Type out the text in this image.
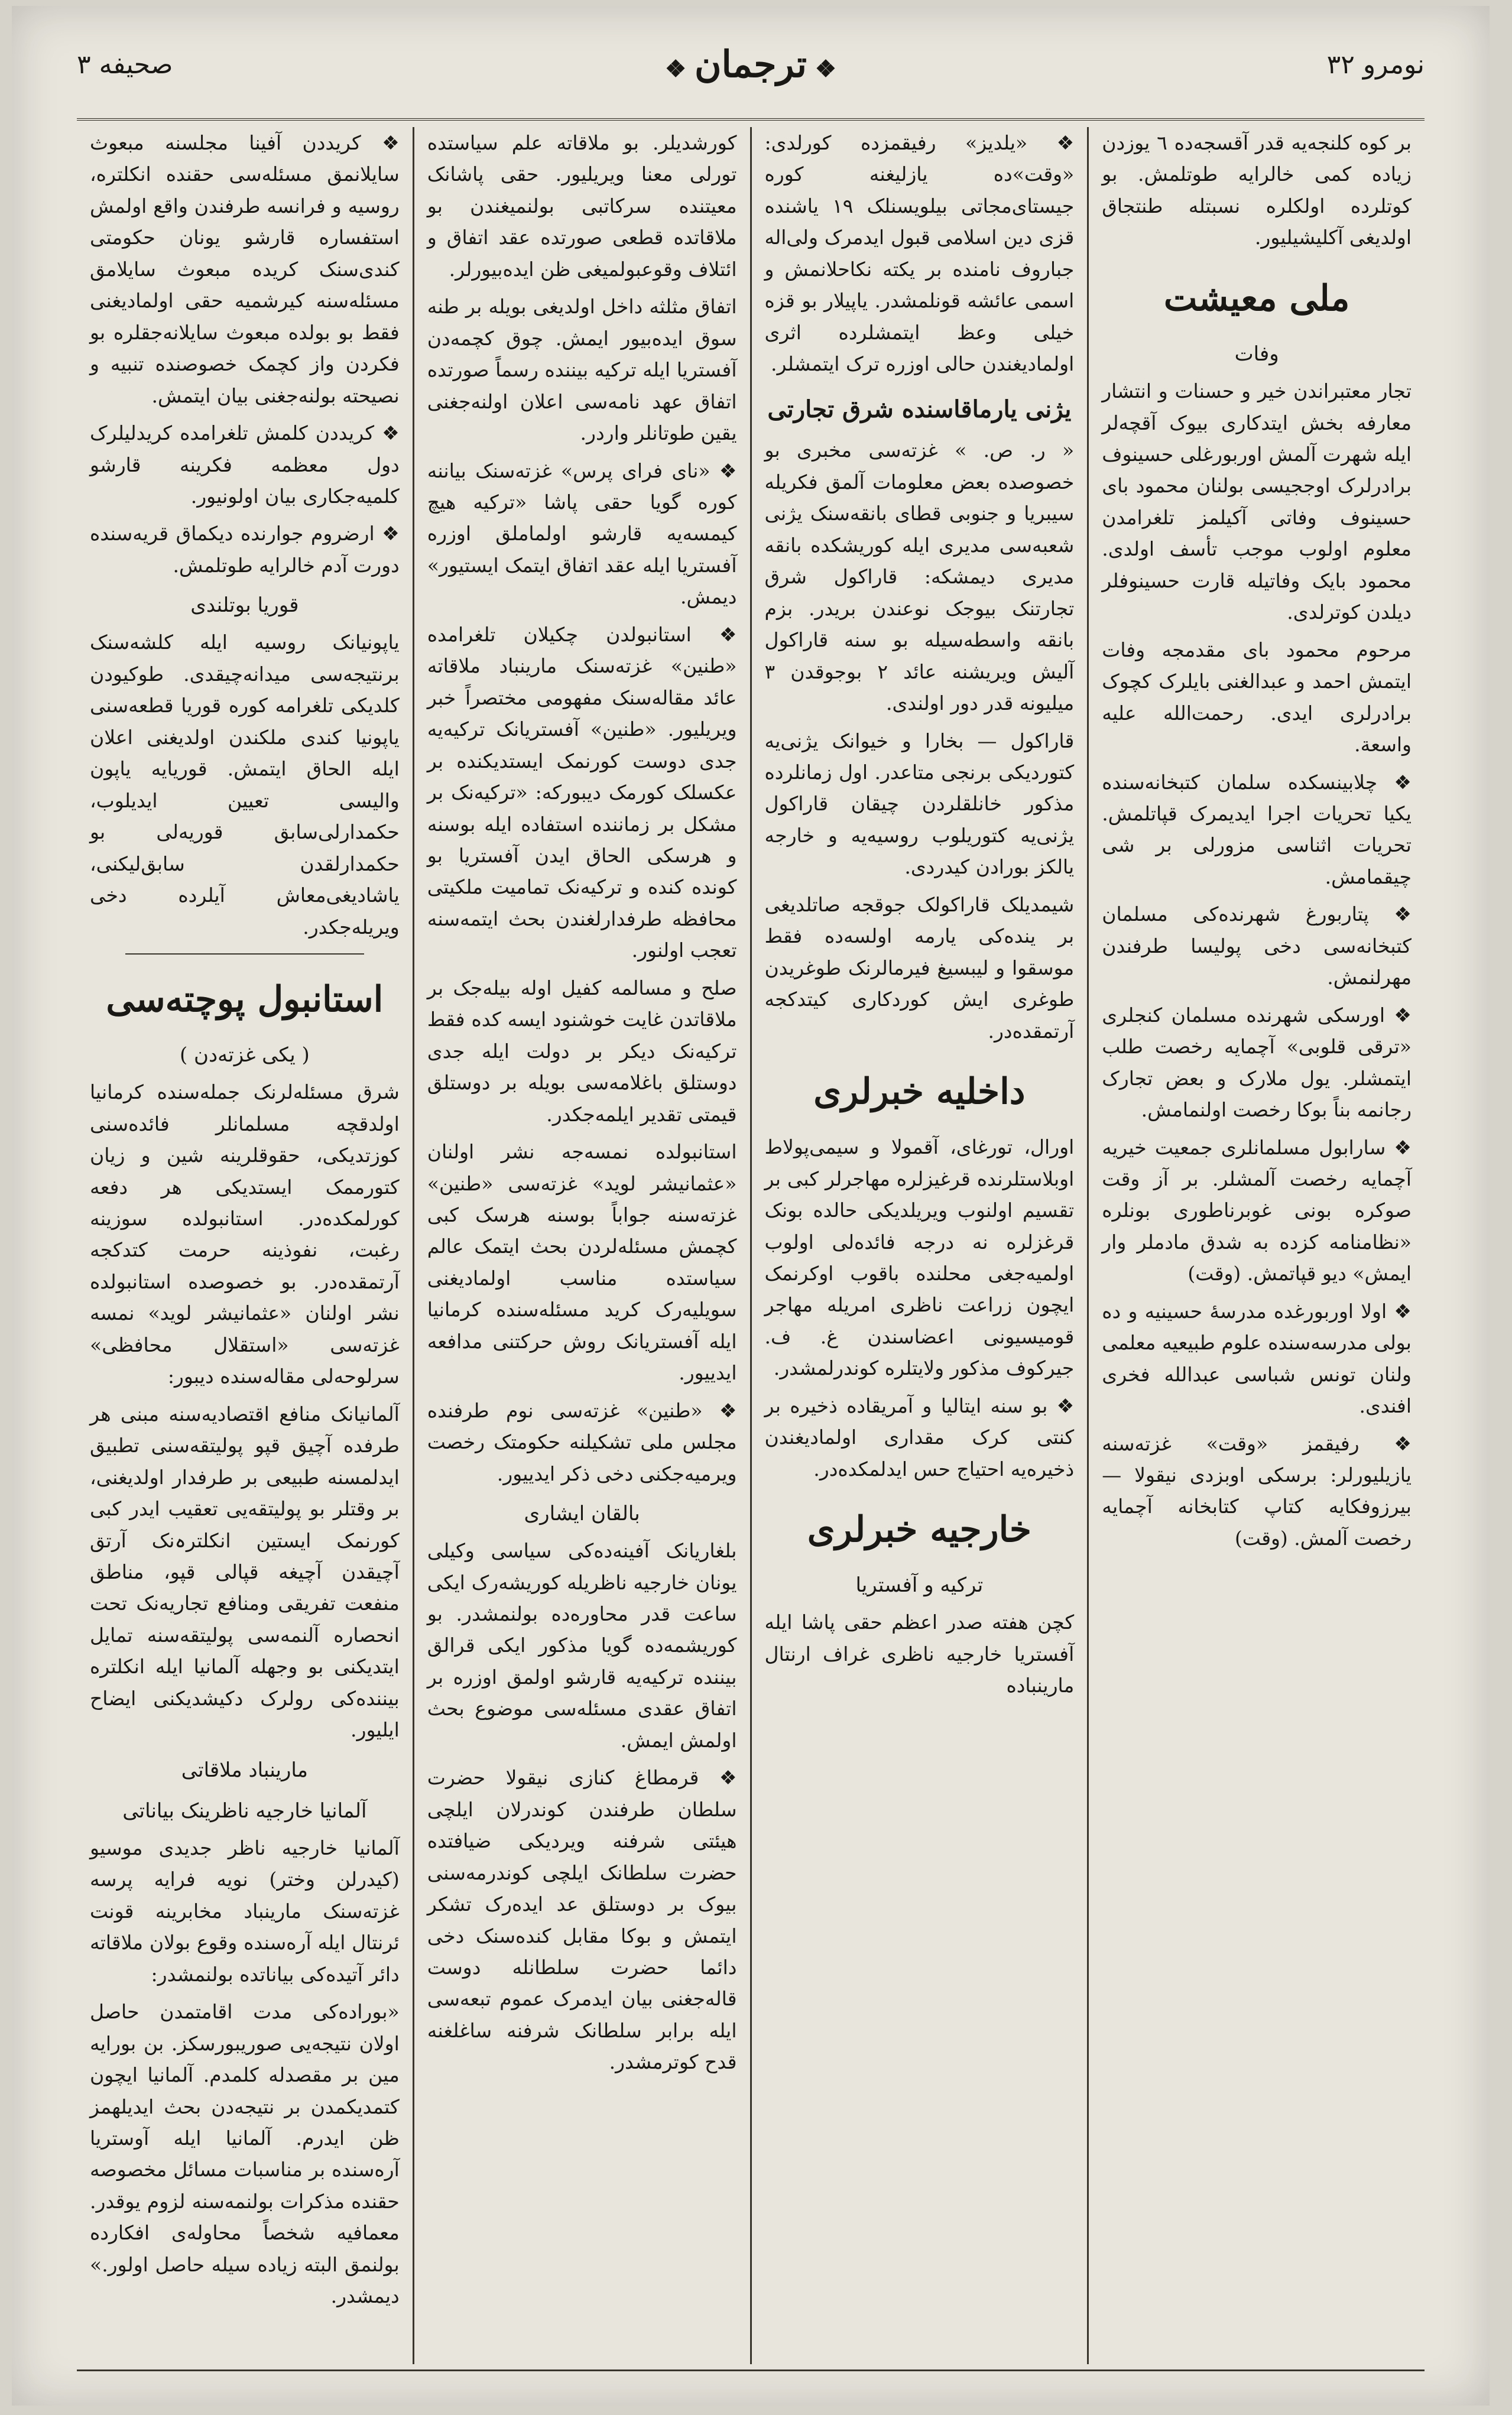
نومرو ٣٢
❖ترجمان❖
صحیفه ٣

بر کوه کلنجه‌یه قدر آقسجه‌ده ٦ یوزدن زیاده کمی خالرایه طوتلمش. بو کوتلرده اولکلره نسبتله طنتجاق اولدیغی آکلیشیلیور.

ملی معیشت
وفات

تجار معتبراندن خیر و حسنات و انتشار معارفه بخش ایتدکاری بیوک آقچه‌لر ایله شهرت آلمش اوربورغلی حسینوف برادرلرک اوججیسی بولنان محمود بای حسینوف وفاتی آکیلمز تلغرامدن معلوم اولوب موجب تأسف اولدی. محمود بایک وفاتیله قارت حسینوفلر دیلدن کوترلدی.

مرحوم محمود بای مقدمجه وفات ایتمش احمد و عبدالغنی بایلرک کچوک برادرلری ایدی. رحمت‌الله علیه واسعة.

❖ چلابینسکده سلمان کتبخانه‌سنده یکیا تحریات اجرا ایدیمرک قپاتلمش. تحریات اثناسی مزورلی بر شی چیقمامش.

❖ پتاربورغ شهرنده‌کی مسلمان کتبخانه‌سی دخی پولیسا طرفندن مهرلنمش.

❖ اورسکی شهرنده مسلمان کنجلری «ترقی قلوبی» آچمایه رخصت طلب ایتمشلر. یول ملارک و بعض تجارک رجانمه بناً بوکا رخصت اولنمامش.

❖ سارابول مسلمانلری جمعیت خیریه آچمایه رخصت آلمشلر. بر آز وقت صوکره بونی غوبرناطوری بونلره «نظامنامه کزده به شدق مادملر وار ایمش» دیو قپاتمش. (وقت)

❖ اولا اوربورغده مدرسهٔ حسینیه و ده بولی مدرسه‌سنده علوم طبیعیه معلمی ولنان تونس شباسی عبدالله فخری افندی.

❖ رفیقمز «وقت» غزته‌سنه یازیلیورلر: برسکی اوبزدی نیقولا — بیرزوفکایه کتاپ کتابخانه آچمایه رخصت آلمش. (وقت)

❖ «یلدیز» رفیقمزده کورلدی: «وقت»ده یازلیغنه کوره جیستای‌مجاتی بیلویسنلک ١٩ یاشنده قزی دین اسلامی قبول ایدمرک ولی‌اله جباروف نامنده بر یکته نکاحلانمش و اسمی عائشه قونلمشدر. یاپیلار بو قزه خیلی وعظ ایتمشلرده اثری اولما‌دیغندن حالی اوزره ترک ایتمشلر.

یژنی یارماقاسنده شرق تجارتی

« ر. ص. » غزته‌سی مخبری بو خصو‌صده بعض معلومات آلمق فکریله سیبریا و جنوبی قطای بانقه‌سنک یژنی شعبه‌سی مدیری ایله کوریشکده بانقه مدیری دیمشکه: قاراکول شرق تجارتنک بیوجک نوعندن بریدر. بزم بانقه واسطه‌سیله بو سنه قاراکول آلیش ویریشنه عائد ٢ بوجوقدن ٣ میلیونه قدر دور اولندی.

قاراکول — بخارا و خیوانک یژنی‌یه کتوردیکی برنجی متاعدر. اول زمانلرده مذکور خانلقلردن چیقان قاراکول یژنی‌یه کتوریلوب روسیه‌یه و خارجه یالکز بورادن کیدردی.

شیمدیلک قاراکولک جوقجه صاتلدیغی بر ینده‌کی یارمه اولسه‌ده فقط موسقوا و لیبسیغ فیرمالرنک طوغریدن طوغری ایش کوردکاری کیتدکجه آرتمقده‌در.

داخلیه خبرلری

اورال، تورغای، آقمولا و سیمی‌پولاط اوبلاستلرنده قرغیزلره مهاجرلر کبی بر تقسیم اولنوب ویریلدیکی حالده بونک قرغزلره نه درجه فائده‌لی اولوب اولمیه‌جغی محلنده باقوب اوکرنمک ایچون زراعت ناظری امریله مهاجر قومیسیونی اعضاسندن غ. ف. جیرکوف مذکور ولایتلره کوندرلمشدر.

❖ بو سنه ایتالیا و آمریقاده ذخیره بر کنتی کرک مقداری اولمادیغندن ذخیره‌یه احتیاج حس ایدلمکده‌در.

خارجیه خبرلری
ترکیه و آفستریا

کچن هفته صدر اعظم حقی پاشا ایله آفستریا خارجیه ناظری غراف ارنتال مارینباده

کورشدیلر. بو ملاقاته علم سیاستده تورلی معنا ویریلیور. حقی پاشانک معیتنده سرکاتبی بولنمیغندن بو ملاقاتده قطعی صورتده عقد اتفاق و ائتلاف وقوعبولمیغی ظن ایده‌بیورلر.

اتفاق مثلثه داخل اولدیغی بویله بر طنه سوق ایده‌بیور ایمش. چوق کچمه‌دن آفستریا ایله ترکیه بیننده رسماً صورتده اتفاق عهد نامه‌سی اعلان اولنه‌جغنی یقین طوتانلر واردر.

❖ «نای فرای پرس» غزته‌سنک بیاننه کوره گویا حقی پاشا «ترکیه هیچ کیمسه‌یه قارشو اولماملق اوزره آفستریا ایله عقد اتفاق ایتمک ایستیور» دیمش.

❖ استانبولدن چکیلان تلغرامده «طنین» غزته‌سنک مارینباد ملاقاته عائد مقاله‌سنک مفهومی مختصراً خبر ویریلیور. «طنین» آفستریانک ترکیه‌یه جدی دوست کورنمک ایستدیکنده بر عکسلک کورمک دیبورکه: «ترکیه‌نک بر مشکل بر زماننده استفاده ایله بوسنه و هرسکی الحاق ایدن آفستریا بو کونده کنده و ترکیه‌نک تمامیت ملکیتی محافظه طرفدارلغندن بحث ایتمه‌سنه تعجب اولنور.

صلح و مسالمه کفیل اوله بیله‌جک بر ملاقاتدن غایت خوشنود ایسه کده فقط ترکیه‌نک دیکر بر دولت ایله جدی دوستلق باغلامه‌سی بویله بر دوستلق قیمتی تقدیر ایلمه‌جکدر.

استانبولده نمسه‌جه نشر اولنان «عثمانیشر لوید» غزته‌سی «طنین» غزته‌سنه جواباً بوسنه هرسک کبی کچمش مسئله‌لردن بحث ایتمک عالم سیاستده مناسب اولمادیغنی سویلیه‌رک کرید مسئله‌سنده کرمانیا ایله آفستریانک روش حرکتنی مدافعه ایدییور.

❖ «طنین» غزته‌سی نوم طرفنده مجلس ملی تشکیلنه حکومتک رخصت ویرمیه‌جکنی دخی ذکر ایدییور.

بالقان ایشاری

بلغاریانک آفینه‌ده‌کی سیاسی وکیلی یونان خارجیه ناظریله کوریشه‌رک ایکی ساعت قدر محاوره‌ده بولنمشدر. بو کوریشمه‌ده گویا مذکور ایکی قرالق بیننده ترکیه‌یه قارشو اولمق اوزره بر اتفاق عقدی مسئله‌سی موضوع بحث اولمش ایمش.

❖ قرمطاغ کنازی نیقولا حضرت سلطان طرفندن کوندرلان ایلچی هیئتی شرفنه ویردیکی ضیافتده حضرت سلطانک ایلچی کوندرمه‌سنی بیوک بر دوستلق عد ایده‌رک تشکر ایتمش و بوکا مقابل کنده‌سنک دخی دائما حضرت سلطانله دوست قاله‌جغنی بیان ایدمرک عموم تبعه‌سی ایله برابر سلطانک شرفنه ساغلغنه قدح کوترمشدر.

❖ کریددن آفینا مجلسنه مبعوث سایلانمق مسئله‌سی حقنده انکلتره، روسیه و فرانسه طرفندن واقع اولمش استفساره قارشو یونان حکومتی کندی‌سنک کریده مبعوث سایلامق مسئله‌سنه کیرشمیه حقی اولمادیغنی فقط بو بولده مبعوث سایلانه‌جقلره بو فکردن واز کچمک خصوصنده تنبیه و نصیحته بولنه‌جغنی بیان ایتمش.

❖ کریددن کلمش تلغرامده کریدلیلرک دول معظمه فکرینه قارشو کلمیه‌جکاری بیان اولونیور.

❖ ارضروم جوارنده دیکماق قریه‌سنده دورت آدم خالرایه طوتلمش.

قوریا بوتلندی

یاپونیانک روسیه ایله کلشه‌سنک برنتیجه‌سی میدانه‌چیقدی. طوکیودن کلدیکی تلغرامه کوره قوریا قطعه‌سنی یاپونیا کندی ملکندن اولدیغنی اعلان ایله الحاق ایتمش. قوریایه یاپون والیسی تعیین ایدیلوب، حکمدارلی‌سابق قوریه‌لی بو حکمدارلقدن سابق‌لیکنی، یاشادیغی‌معاش آیلرده دخی ویریله‌جکدر.

استانبول پوچته‌سی
( یکی غزته‌دن )

شرق مسئله‌لرنک جمله‌سنده کرمانیا اولدقچه مسلمانلر فائده‌سنی کوزتدیکی، حقوقلرینه شین و زیان کتورممک ایستدیکی هر دفعه کورلمکده‌در. استانبولده سوزینه رغبت، نفوذینه حرمت کتدکجه آرتمقده‌در. بو خصوصده استانبولده نشر اولنان «عثمانیشر لوید» نمسه غزته‌سی «استقلال محافظی» سرلوحه‌لی مقاله‌سنده دیبور:

آلمانیانک منافع اقتصادیه‌سنه مبنی هر طرفده آچیق قپو پولیتقه‌سنی تطبیق ایدلمسنه طبیعی بر طرفدار اولدیغنی، بر وقتلر بو پولیتقه‌یی تعقیب ایدر کبی کورنمک ایستین انکلترہ‌نک آرتق آچیقدن آچیغه قپالی قپو، مناطق منفعت تفریقی ومنافع تجاریه‌نک تحت انحصاره آلنمه‌سی پولیتقه‌سنه تمایل ایتدیکنی بو وجهله آلمانیا ایله انکلتره بیننده‌کی رولرک دکیشدیکنی ایضاح ایلیور.

مارینباد ملاقاتی
آلمانیا خارجیه ناظرینک بیاناتی

آلمانیا خارجیه ناظر جدیدی موسیو (کیدرلن وختر) نویه فرایه پرسه غزته‌سنک مارینباد مخابرینه قونت ئرنتال ایله آره‌سنده وقوع بولان ملاقاته دائر آتیده‌کی بیاناتده بولنمشدر:

«بوراده‌کی مدت اقامتمدن حاصل اولان نتیجه‌یی صوریبورسکز. بن بورایه مین بر مقصدله کلمدم. آلمانیا ایچون کتمدیکمدن بر نتیجه‌دن بحث ایدیلهمز ظن ایدرم. آلمانیا ایله آوستریا آره‌سنده بر مناسبات مسائل مخصوصه حقنده مذکرات بولنمه‌سنه لزوم یوقدر. معمافیه شخصاً محاوله‌ی افکارده بولنمق البته زیاده سیله حاصل اولور.» دیمشدر.
